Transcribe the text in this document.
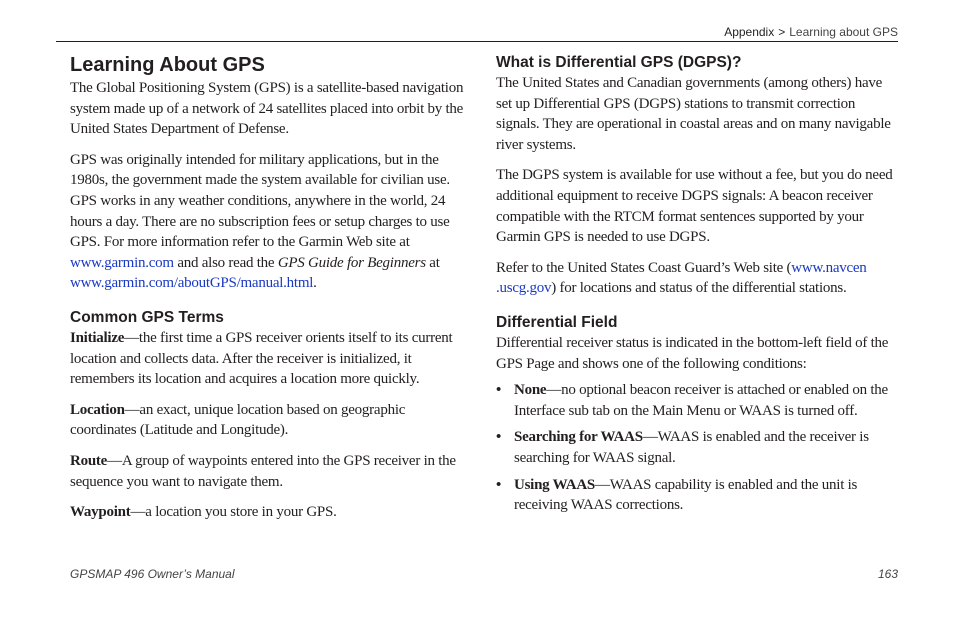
Appendix > Learning about GPS
Learning About GPS

The Global Positioning System (GPS) is a satellite-based navigation system made up of a network of 24 satellites placed into orbit by the United States Department of Defense.

GPS was originally intended for military applications, but in the 1980s, the government made the system available for civilian use. GPS works in any weather conditions, anywhere in the world, 24 hours a day. There are no subscription fees or setup charges to use GPS. For more information refer to the Garmin Web site at www.garmin.com and also read the GPS Guide for Beginners at www.garmin.com/aboutGPS/manual.html.

Common GPS Terms

Initialize—the first time a GPS receiver orients itself to its current location and collects data. After the receiver is initialized, it remembers its location and acquires a location more quickly.

Location—an exact, unique location based on geographic coordinates (Latitude and Longitude).

Route—A group of waypoints entered into the GPS receiver in the sequence you want to navigate them.

Waypoint—a location you store in your GPS.

What is Differential GPS (DGPS)?

The United States and Canadian governments (among others) have set up Differential GPS (DGPS) stations to transmit correction signals. They are operational in coastal areas and on many navigable river systems.

The DGPS system is available for use without a fee, but you do need additional equipment to receive DGPS signals: A beacon receiver compatible with the RTCM format sentences supported by your Garmin GPS is needed to use DGPS.

Refer to the United States Coast Guard’s Web site (www.navcen .uscg.gov) for locations and status of the differential stations.

Differential Field

Differential receiver status is indicated in the bottom-left field of the GPS Page and shows one of the following conditions:

• None—no optional beacon receiver is attached or enabled on the Interface sub tab on the Main Menu or WAAS is turned off.
• Searching for WAAS—WAAS is enabled and the receiver is searching for WAAS signal.
• Using WAAS—WAAS capability is enabled and the unit is receiving WAAS corrections.
GPSMAP 496 Owner’s Manual	163
